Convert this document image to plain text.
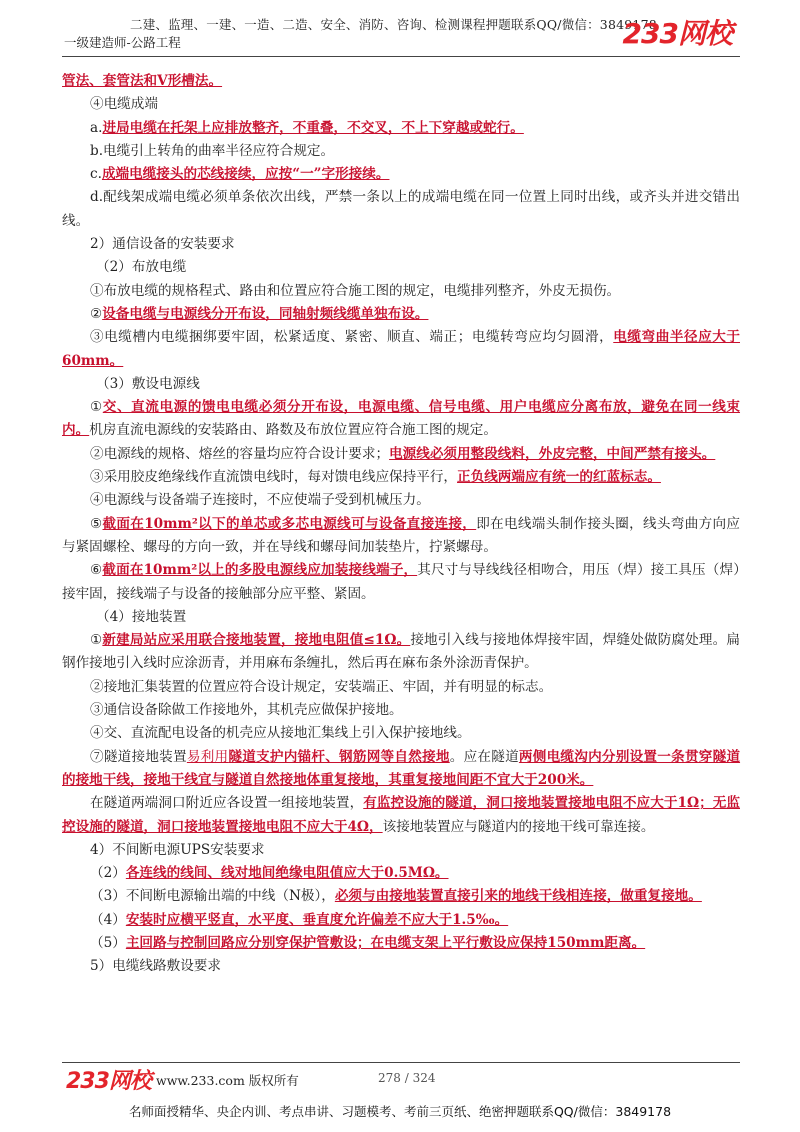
二建、监理、一建、一造、二造、安全、消防、咨询、检测课程押题联系QQ/微信：3849178
一级建造师-公路工程	233网校

管法、套管法和V形槽法。

④电缆成端

a.进局电缆在托架上应排放整齐，不重叠，不交叉，不上下穿越或蛇行。

b.电缆引上转角的曲率半径应符合规定。

c.成端电缆接头的芯线接续，应按“一”字形接续。

d.配线架成端电缆必须单条依次出线，严禁一条以上的成端电缆在同一位置上同时出线，或齐头并进交错出线。

2）通信设备的安装要求

（2）布放电缆

①布放电缆的规格程式、路由和位置应符合施工图的规定，电缆排列整齐，外皮无损伤。

②设备电缆与电源线分开布设，同轴射频线缆单独布设。

③电缆槽内电缆捆绑要牢固，松紧适度、紧密、顺直、端正；电缆转弯应均匀圆滑，电缆弯曲半径应大于60mm。

（3）敷设电源线

①交、直流电源的馈电电缆必须分开布设，电源电缆、信号电缆、用户电缆应分离布放，避免在同一线束内。机房直流电源线的安装路由、路数及布放位置应符合施工图的规定。

②电源线的规格、熔丝的容量均应符合设计要求；电源线必须用整段线料，外皮完整，中间严禁有接头。

③采用胶皮绝缘线作直流馈电线时，每对馈电线应保持平行，正负线两端应有统一的红蓝标志。

④电源线与设备端子连接时，不应使端子受到机械压力。

⑤截面在10mm²以下的单芯或多芯电源线可与设备直接连接，即在电线端头制作接头圈，线头弯曲方向应与紧固螺栓、螺母的方向一致，并在导线和螺母间加装垫片，拧紧螺母。

⑥截面在10mm²以上的多股电源线应加装接线端子，其尺寸与导线线径相吻合，用压（焊）接工具压（焊）接牢固，接线端子与设备的接触部分应平整、紧固。

（4）接地装置

①新建局站应采用联合接地装置，接地电阻值≤1Ω。接地引入线与接地体焊接牢固，焊缝处做防腐处理。扁钢作接地引入线时应涂沥青，并用麻布条缠扎，然后再在麻布条外涂沥青保护。

②接地汇集装置的位置应符合设计规定，安装端正、牢固，并有明显的标志。

③通信设备除做工作接地外，其机壳应做保护接地。

④交、直流配电设备的机壳应从接地汇集线上引入保护接地线。

⑦隧道接地装置易利用隧道支护内锚杆、钢筋网等自然接地。应在隧道两侧电缆沟内分别设置一条贯穿隧道的接地干线，接地干线宜与隧道自然接地体重复接地，其重复接地间距不宜大于200米。

在隧道两端洞口附近应各设置一组接地装置，有监控设施的隧道，洞口接地装置接地电阻不应大于1Ω；无监控设施的隧道，洞口接地装置接地电阻不应大于4Ω，该接地装置应与隧道内的接地干线可靠连接。

4）不间断电源UPS安装要求

（2）各连线的线间、线对地间绝缘电阻值应大于0.5MΩ。

（3）不间断电源输出端的中线（N极），必须与由接地装置直接引来的地线干线相连接，做重复接地。

（4）安装时应横平竖直，水平度、垂直度允许偏差不应大于1.5‰。

（5）主回路与控制回路应分别穿保护管敷设；在电缆支架上平行敷设应保持150mm距离。

5）电缆线路敷设要求

233网校 www.233.com 版权所有	278 / 324
名师面授精华、央企内训、考点串讲、习题模考、考前三页纸、绝密押题联系QQ/微信：3849178
